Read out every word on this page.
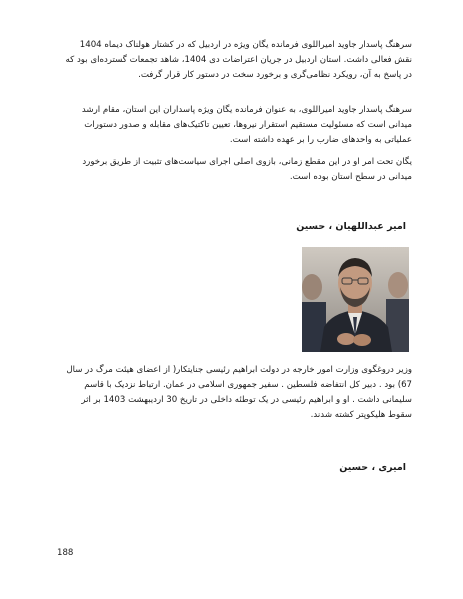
سرهنگ پاسدار جاوید امیراللوی فرمانده یگان ویژه در اردبیل که در کشتار هولناک دیماه 1404 نقش فعالی داشت. استان اردبیل در جریان اعتراضات دی 1404، شاهد تجمعات گسترده‌ای بود که در پاسخ به آن، رویکرد نظامی‌گری و برخورد سخت در دستور کار قرار گرفت.

سرهنگ پاسدار جاوید امیراللوی، به عنوان فرمانده یگان ویژه پاسداران این استان، مقام ارشد میدانی است که مسئولیت مستقیم استقرار نیروها، تعیین تاکتیک‌های مقابله و صدور دستورات عملیاتی به واحدهای ضارب را بر عهده داشته است.

یگان تحت امر او در این مقطع زمانی، بازوی اصلی اجرای سیاست‌های تثبیت از طریق برخورد میدانی در سطح استان بوده است.

امیر عبداللهیان ، حسین

وزیر دروغگوی وزارت امور خارجه در دولت ابراهیم رئیسی جنایتکار( از اعضای هیئت مرگ در سال 67) بود . دبیر کل انتفاضه فلسطین . سفیر جمهوری اسلامی در عمان. ارتباط نزدیک با قاسم سلیمانی داشت . او و ابراهیم رئیسی در یک توطئه داخلی در تاریخ 30 اردیبهشت 1403 بر اثر سقوط هلیکوپتر کشته شدند.

امیری ، حسین

188
